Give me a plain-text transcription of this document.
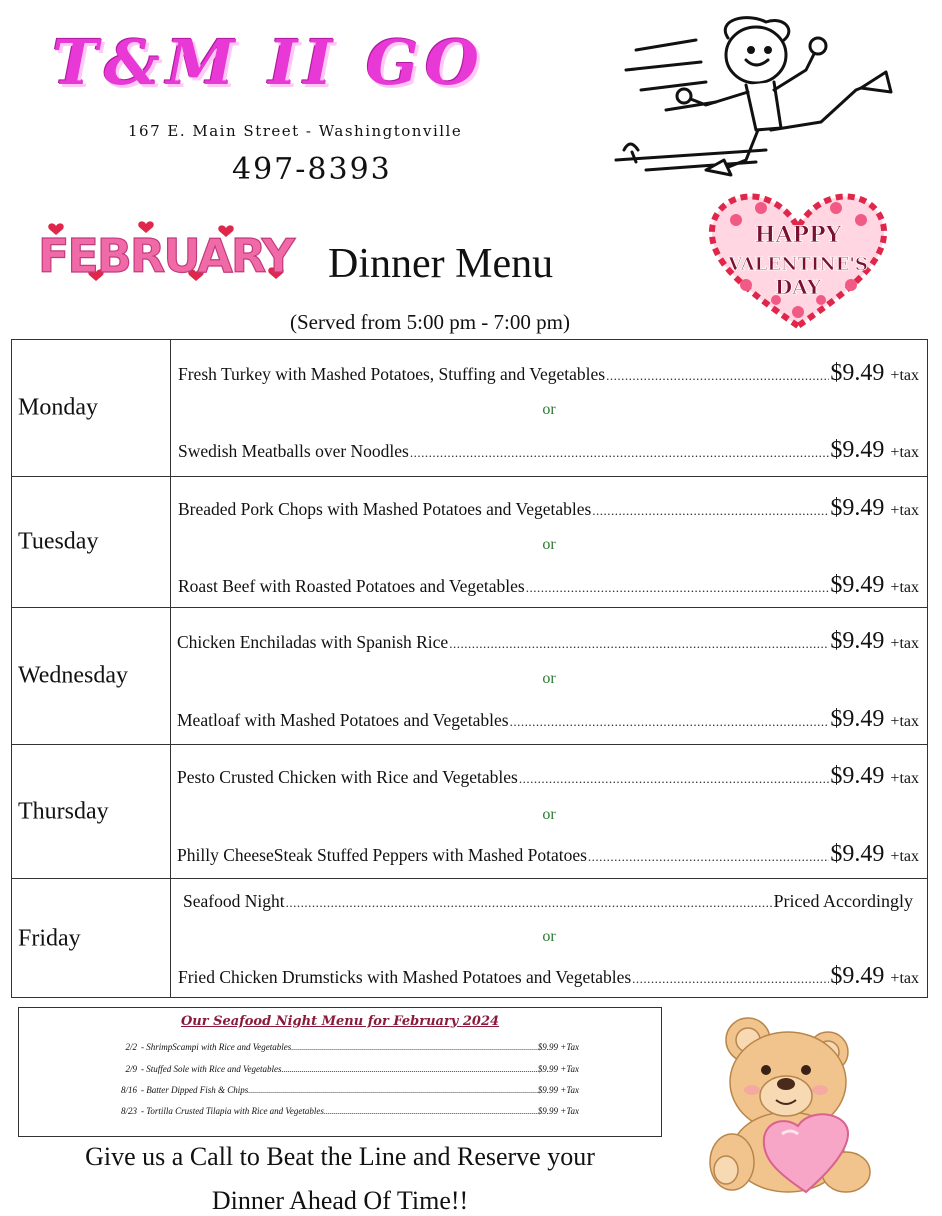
T&M II GO
167 E. Main Street - Washingtonville
497-8393
FEBRUARY Dinner Menu
(Served from 5:00 pm - 7:00 pm)
HAPPY
VALENTINE'S
DAY
Monday
Fresh Turkey with Mashed Potatoes, Stuffing and Vegetables .....	$9.49 +tax
or
Swedish Meatballs over Noodles .....	$9.49 +tax
Tuesday
Breaded Pork Chops with Mashed Potatoes and Vegetables .....	$9.49 +tax
or
Roast Beef with Roasted Potatoes and Vegetables .....	$9.49 +tax
Wednesday
Chicken Enchiladas with Spanish Rice .....	$9.49 +tax
or
Meatloaf with Mashed Potatoes and Vegetables .....	$9.49 +tax
Thursday
Pesto Crusted Chicken with Rice and Vegetables .....	$9.49 +tax
or
Philly CheeseSteak Stuffed Peppers with Mashed Potatoes .....	$9.49 +tax
Friday
Seafood Night .....	Priced Accordingly
or
Fried Chicken Drumsticks with Mashed Potatoes and Vegetables .....	$9.49 +tax
Our Seafood Night Menu for February 2024
2/2 - ShrimpScampi with Rice and Vegetables .....	$9.99 +Tax
2/9 - Stuffed Sole with Rice and Vegetables .....	$9.99 +Tax
8/16 - Batter Dipped Fish & Chips .....	$9.99 +Tax
8/23 - Tortilla Crusted Tilapia with Rice and Vegetables .....	$9.99 +Tax
Give us a Call to Beat the Line and Reserve your
Dinner Ahead Of Time!!
